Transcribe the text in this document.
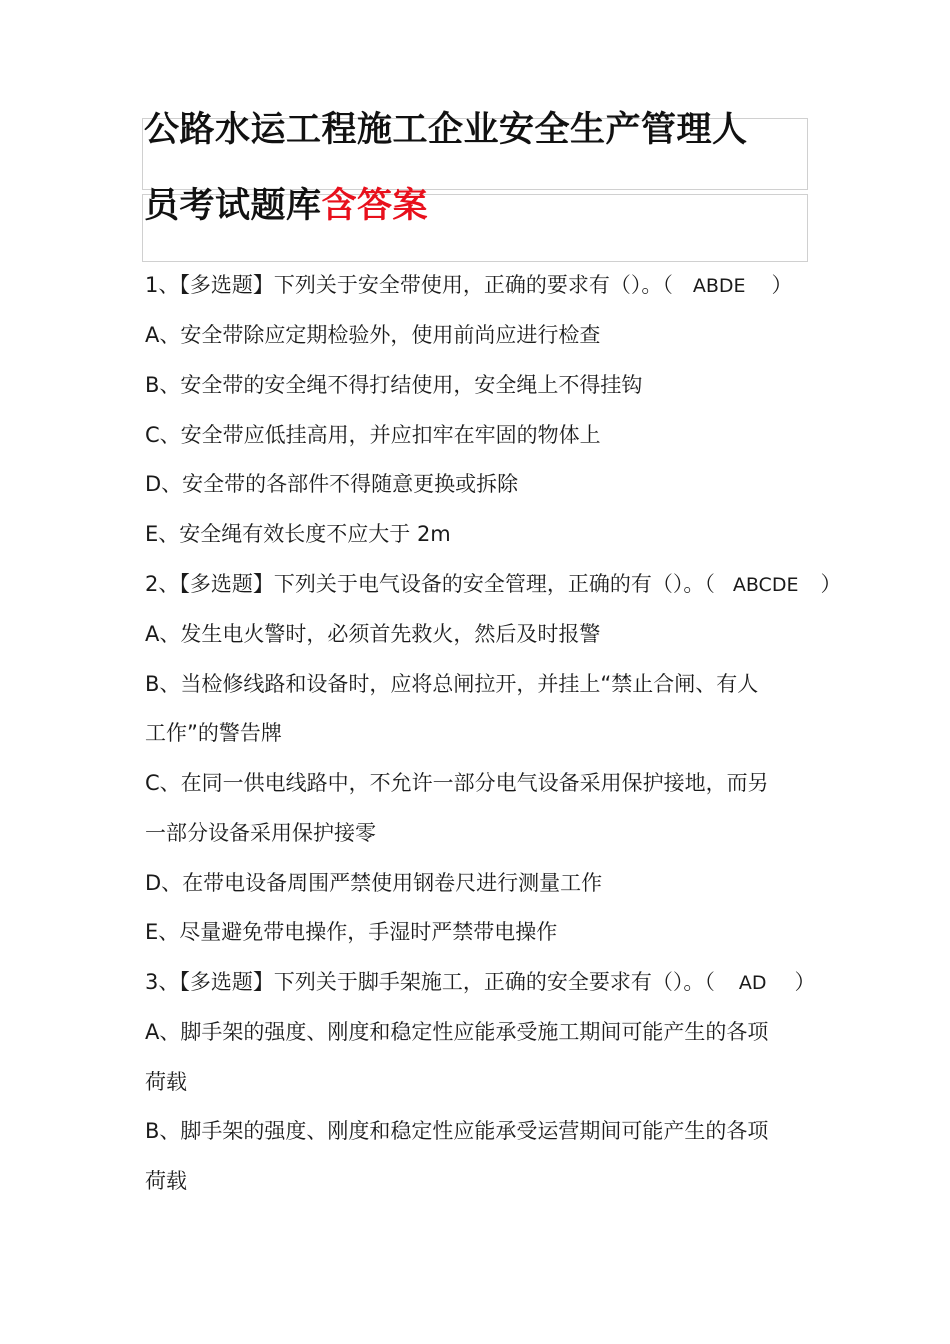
公路水运工程施工企业安全生产管理人
员考试题库含答案
1、【多选题】下列关于安全带使用，正确的要求有（）。（ ABDE ）
A、安全带除应定期检验外，使用前尚应进行检查
B、安全带的安全绳不得打结使用，安全绳上不得挂钩
C、安全带应低挂高用，并应扣牢在牢固的物体上
D、安全带的各部件不得随意更换或拆除
E、安全绳有效长度不应大于 2m
2、【多选题】下列关于电气设备的安全管理，正确的有（）。（ ABCDE ）
A、发生电火警时，必须首先救火，然后及时报警
B、当检修线路和设备时，应将总闸拉开，并挂上“禁止合闸、有人
工作”的警告牌
C、在同一供电线路中，不允许一部分电气设备采用保护接地，而另
一部分设备采用保护接零
D、在带电设备周围严禁使用钢卷尺进行测量工作
E、尽量避免带电操作，手湿时严禁带电操作
3、【多选题】下列关于脚手架施工，正确的安全要求有（）。（ AD ）
A、脚手架的强度、刚度和稳定性应能承受施工期间可能产生的各项
荷载
B、脚手架的强度、刚度和稳定性应能承受运营期间可能产生的各项
荷载
